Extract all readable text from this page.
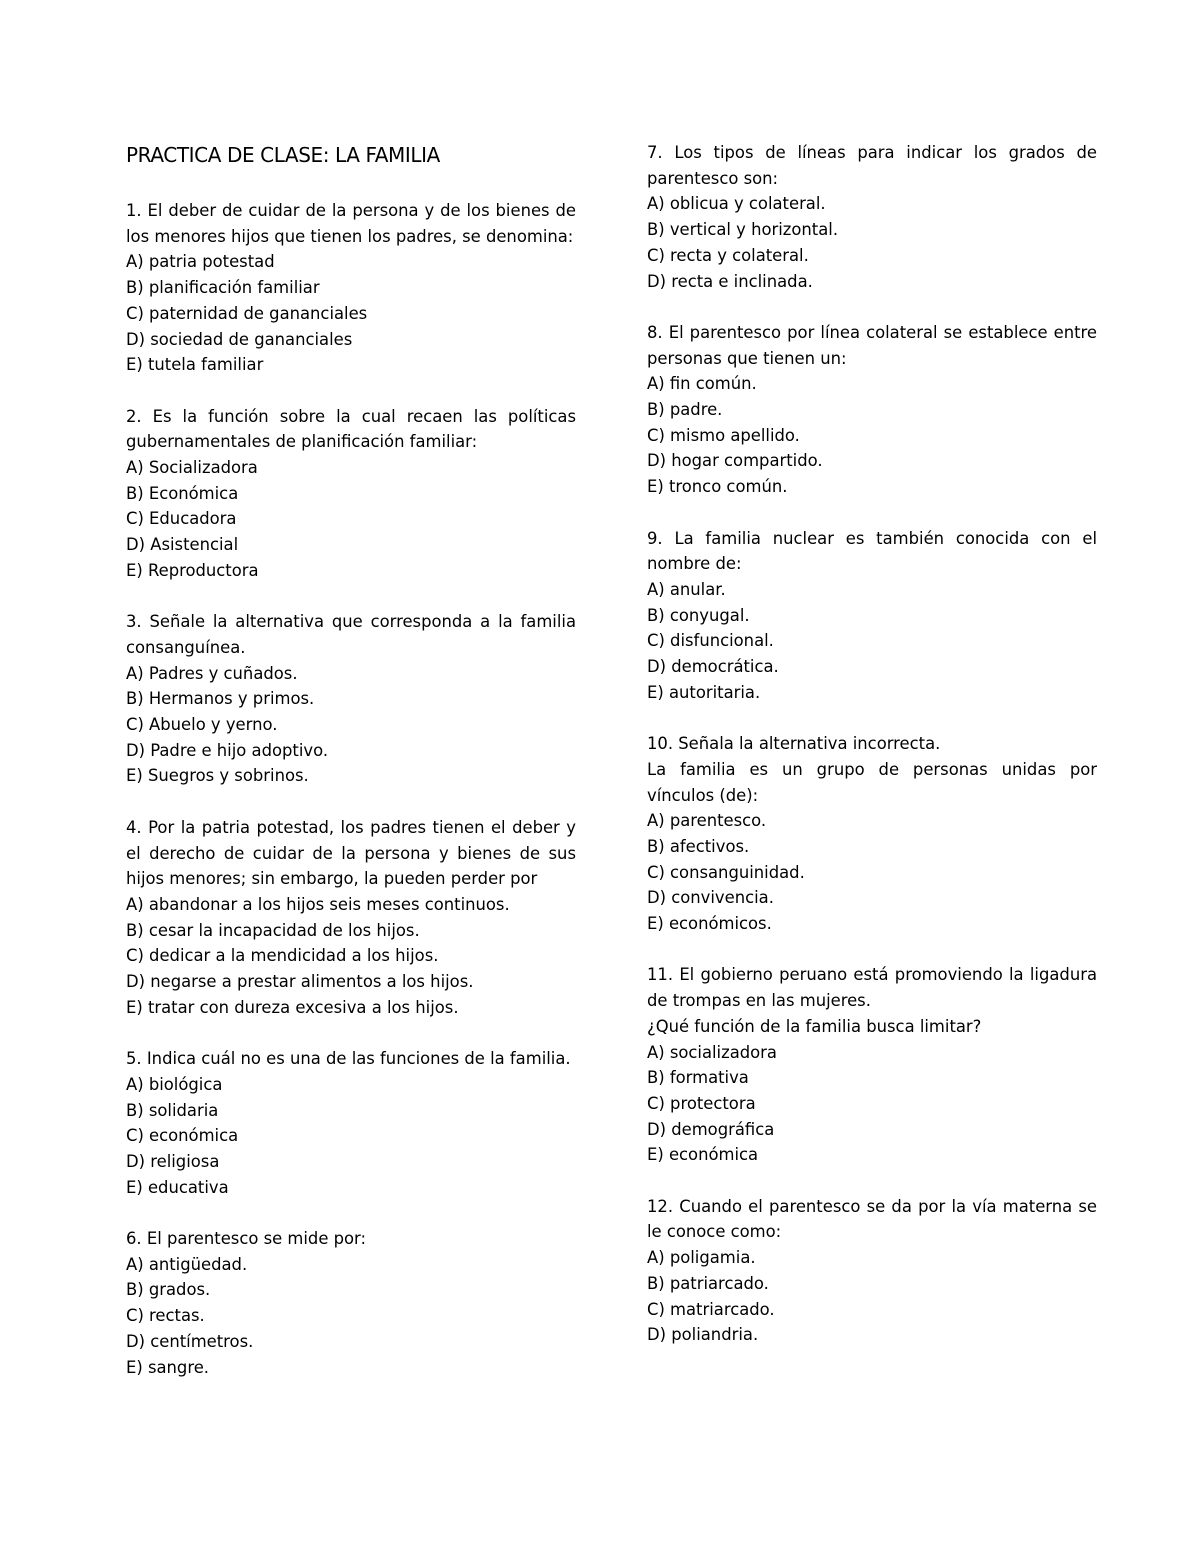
PRACTICA DE CLASE: LA FAMILIA

1. El deber de cuidar de la persona y de los bienes de los menores hijos que tienen los padres, se denomina:

A) patria potestad
B) planificación familiar
C) paternidad de gananciales
D) sociedad de gananciales
E) tutela familiar

2. Es la función sobre la cual recaen las políticas gubernamentales de planificación familiar:

A) Socializadora
B) Económica
C) Educadora
D) Asistencial
E) Reproductora

3. Señale la alternativa que corresponda a la familia consanguínea.

A) Padres y cuñados.
B) Hermanos y primos.
C) Abuelo y yerno.
D) Padre e hijo adoptivo.
E) Suegros y sobrinos.

4. Por la patria potestad, los padres tienen el deber y el derecho de cuidar de la persona y bienes de sus hijos menores; sin embargo, la pueden perder por

A) abandonar a los hijos seis meses continuos.
B) cesar la incapacidad de los hijos.
C) dedicar a la mendicidad a los hijos.
D) negarse a prestar alimentos a los hijos.
E) tratar con dureza excesiva a los hijos.

5. Indica cuál no es una de las funciones de la familia.

A) biológica
B) solidaria
C) económica
D) religiosa
E) educativa

6. El parentesco se mide por:

A) antigüedad.
B) grados.
C) rectas.
D) centímetros.
E) sangre.

7. Los tipos de líneas para indicar los grados de parentesco son:

A) oblicua y colateral.
B) vertical y horizontal.
C) recta y colateral.
D) recta e inclinada.

8. El parentesco por línea colateral se establece entre personas que tienen un:

A) fin común.
B) padre.
C) mismo apellido.
D) hogar compartido.
E) tronco común.

9. La familia nuclear es también conocida con el nombre de:

A) anular.
B) conyugal.
C) disfuncional.
D) democrática.
E) autoritaria.

10. Señala la alternativa incorrecta.

La familia es un grupo de personas unidas por vínculos (de):

A) parentesco.
B) afectivos.
C) consanguinidad.
D) convivencia.
E) económicos.

11. El gobierno peruano está promoviendo la ligadura de trompas en las mujeres.

¿Qué función de la familia busca limitar?

A) socializadora
B) formativa
C) protectora
D) demográfica
E) económica

12. Cuando el parentesco se da por la vía materna se le conoce como:

A) poligamia.
B) patriarcado.
C) matriarcado.
D) poliandria.
